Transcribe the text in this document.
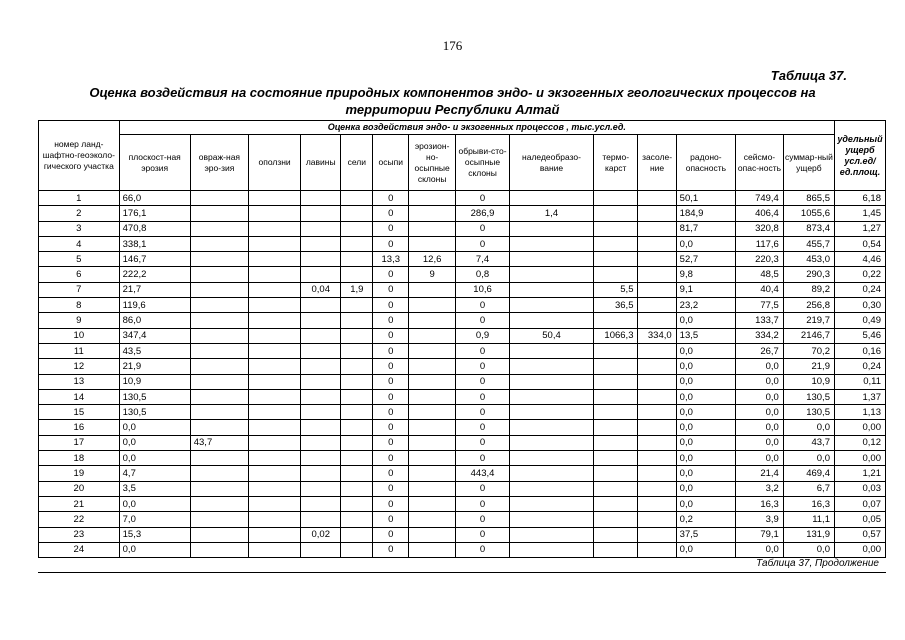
176
Таблица 37.
Оценка воздействия на состояние природных компонентов эндо- и экзогенных геологических процессов на территории Республики Алтай
номер ланд-шафтно-геоэколо-гического участка	Оценка воздействия эндо- и экзогенных процессов , тыс.усл.ед.														удельный ущерб усл.ед/ ед.площ.
	плоскост-ная эрозия	овраж-ная эро-зия	оползни	лавины	сели	осыпи	эрозион-но-осыпные склоны	обрыви-сто-осыпные склоны	наледеобразо-вание	термо-карст	засоле-ние	радоно-опасность	сейсмо-опас-ность	суммар-ный ущерб	
1	66,0					0		0				50,1	749,4	865,5	6,18
2	176,1					0		286,9	1,4			184,9	406,4	1055,6	1,45
3	470,8					0		0				81,7	320,8	873,4	1,27
4	338,1					0		0				0,0	117,6	455,7	0,54
5	146,7					13,3	12,6	7,4				52,7	220,3	453,0	4,46
6	222,2					0	9	0,8				9,8	48,5	290,3	0,22
7	21,7			0,04	1,9	0		10,6		5,5		9,1	40,4	89,2	0,24
8	119,6					0		0		36,5		23,2	77,5	256,8	0,30
9	86,0					0		0				0,0	133,7	219,7	0,49
10	347,4					0		0,9	50,4	1066,3	334,0	13,5	334,2	2146,7	5,46
11	43,5					0		0				0,0	26,7	70,2	0,16
12	21,9					0		0				0,0	0,0	21,9	0,24
13	10,9					0		0				0,0	0,0	10,9	0,11
14	130,5					0		0				0,0	0,0	130,5	1,37
15	130,5					0		0				0,0	0,0	130,5	1,13
16	0,0					0		0				0,0	0,0	0,0	0,00
17	0,0	43,7				0		0				0,0	0,0	43,7	0,12
18	0,0					0		0				0,0	0,0	0,0	0,00
19	4,7					0		443,4				0,0	21,4	469,4	1,21
20	3,5					0		0				0,0	3,2	6,7	0,03
21	0,0					0		0				0,0	16,3	16,3	0,07
22	7,0					0		0				0,2	3,9	11,1	0,05
23	15,3			0,02		0		0				37,5	79,1	131,9	0,57
24	0,0					0		0				0,0	0,0	0,0	0,00
Таблица 37, Продолжение
